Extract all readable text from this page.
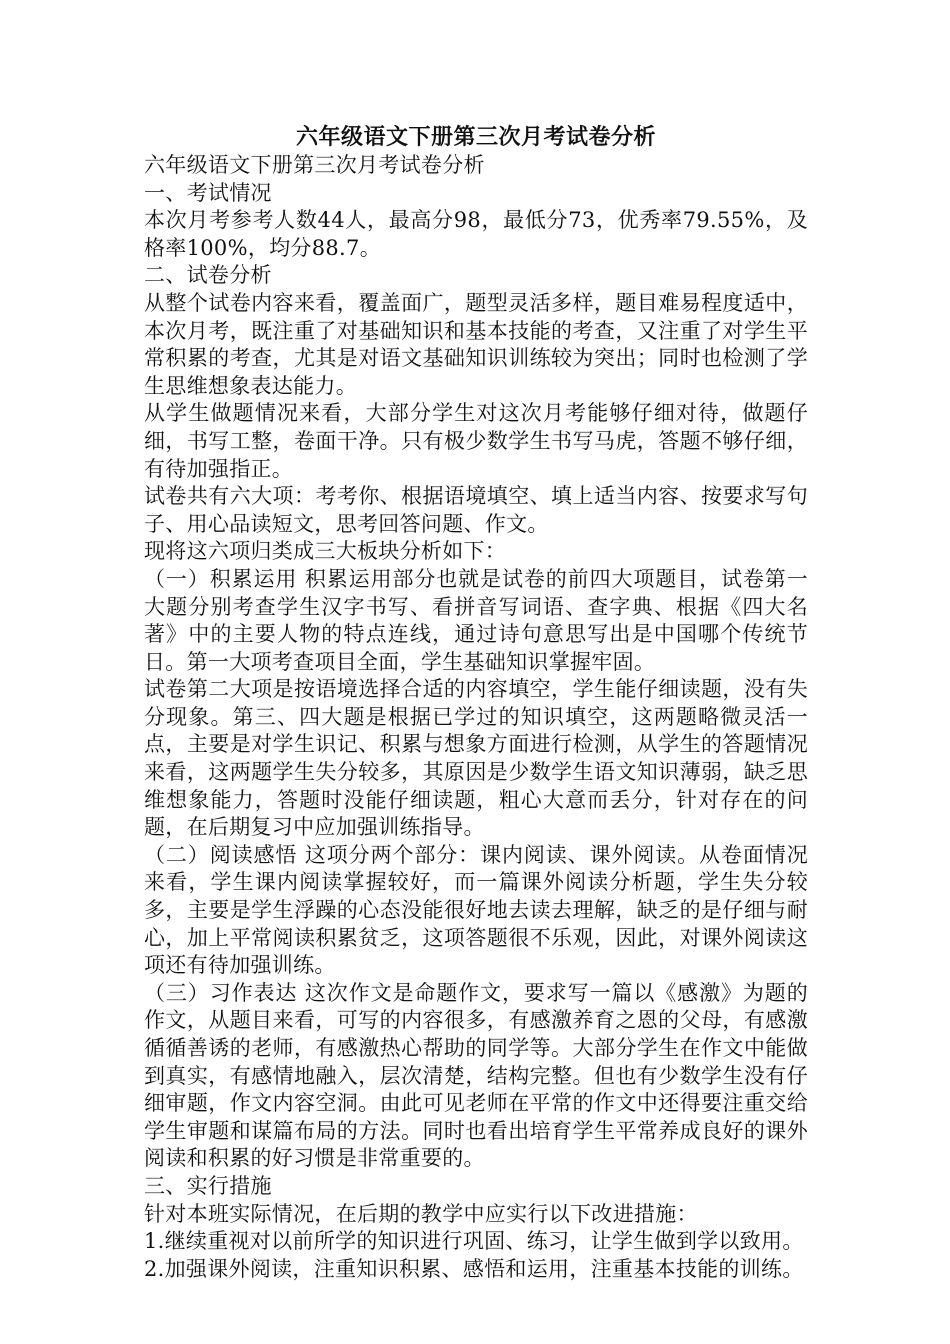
六年级语文下册第三次月考试卷分析

六年级语文下册第三次月考试卷分析

一、考试情况

本次月考参考人数44人，最高分98，最低分73，优秀率79.55%，及格率100%，均分88.7。

二、试卷分析

从整个试卷内容来看，覆盖面广，题型灵活多样，题目难易程度适中，本次月考，既注重了对基础知识和基本技能的考查，又注重了对学生平常积累的考查，尤其是对语文基础知识训练较为突出；同时也检测了学生思维想象表达能力。

从学生做题情况来看，大部分学生对这次月考能够仔细对待，做题仔细，书写工整，卷面干净。只有极少数学生书写马虎，答题不够仔细，有待加强指正。

试卷共有六大项：考考你、根据语境填空、填上适当内容、按要求写句子、用心品读短文，思考回答问题、作文。

现将这六项归类成三大板块分析如下：

（一）积累运用 积累运用部分也就是试卷的前四大项题目，试卷第一大题分别考查学生汉字书写、看拼音写词语、查字典、根据《四大名著》中的主要人物的特点连线，通过诗句意思写出是中国哪个传统节日。第一大项考查项目全面，学生基础知识掌握牢固。

试卷第二大项是按语境选择合适的内容填空，学生能仔细读题，没有失分现象。第三、四大题是根据已学过的知识填空，这两题略微灵活一点，主要是对学生识记、积累与想象方面进行检测，从学生的答题情况来看，这两题学生失分较多，其原因是少数学生语文知识薄弱，缺乏思维想象能力，答题时没能仔细读题，粗心大意而丢分，针对存在的问题，在后期复习中应加强训练指导。

（二）阅读感悟 这项分两个部分：课内阅读、课外阅读。从卷面情况来看，学生课内阅读掌握较好，而一篇课外阅读分析题，学生失分较多，主要是学生浮躁的心态没能很好地去读去理解，缺乏的是仔细与耐心，加上平常阅读积累贫乏，这项答题很不乐观，因此，对课外阅读这项还有待加强训练。

（三）习作表达 这次作文是命题作文，要求写一篇以《感激》为题的作文，从题目来看，可写的内容很多，有感激养育之恩的父母，有感激循循善诱的老师，有感激热心帮助的同学等。大部分学生在作文中能做到真实，有感情地融入，层次清楚，结构完整。但也有少数学生没有仔细审题，作文内容空洞。由此可见老师在平常的作文中还得要注重交给学生审题和谋篇布局的方法。同时也看出培育学生平常养成良好的课外阅读和积累的好习惯是非常重要的。

三、实行措施

针对本班实际情况，在后期的教学中应实行以下改进措施：

1.继续重视对以前所学的知识进行巩固、练习，让学生做到学以致用。

2.加强课外阅读，注重知识积累、感悟和运用，注重基本技能的训练。
